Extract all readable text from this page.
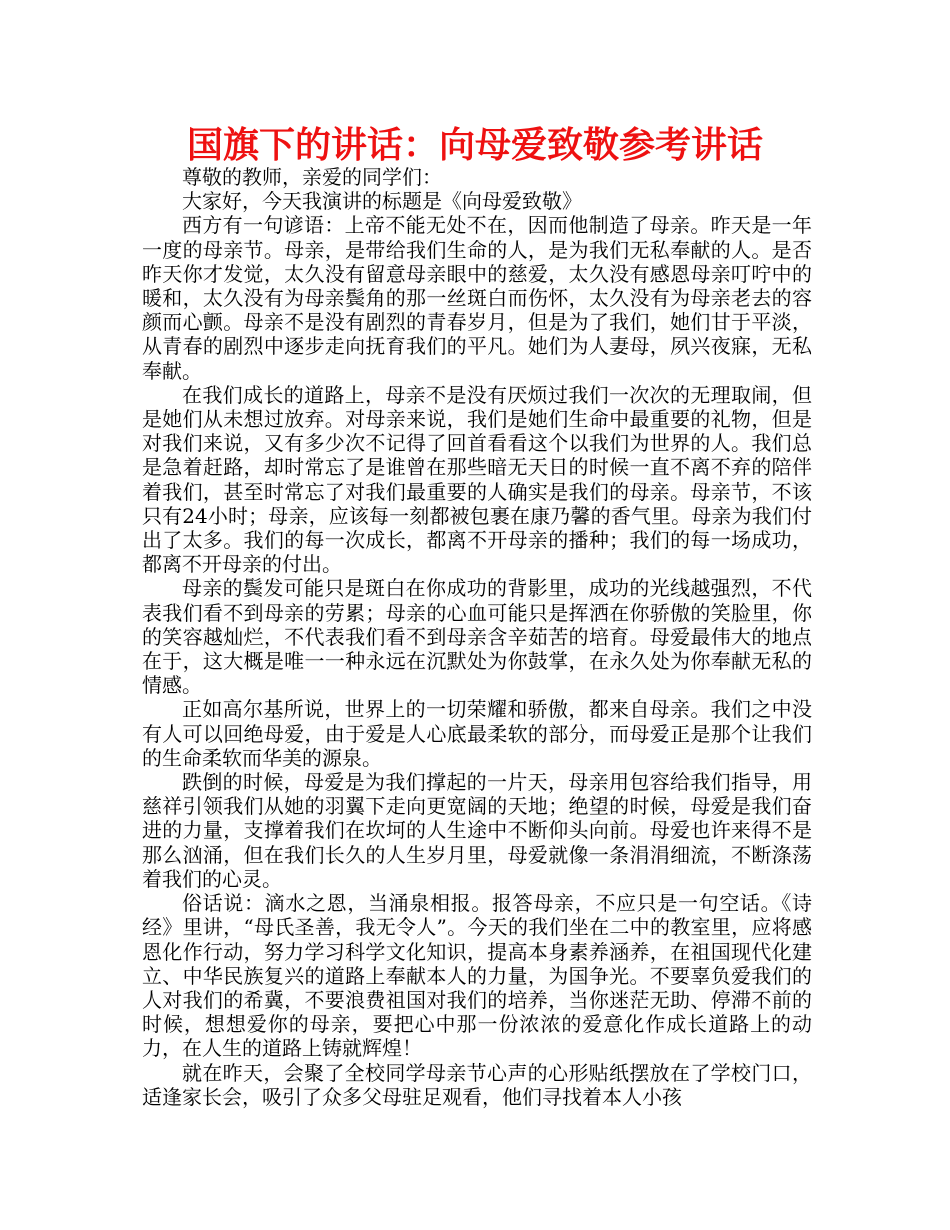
国旗下的讲话：向母爱致敬参考讲话

尊敬的教师，亲爱的同学们：

大家好，今天我演讲的标题是《向母爱致敬》

西方有一句谚语：上帝不能无处不在，因而他制造了母亲。昨天是一年一度的母亲节。母亲，是带给我们生命的人，是为我们无私奉献的人。是否昨天你才发觉，太久没有留意母亲眼中的慈爱，太久没有感恩母亲叮咛中的暖和，太久没有为母亲鬓角的那一丝斑白而伤怀，太久没有为母亲老去的容颜而心颤。母亲不是没有剧烈的青春岁月，但是为了我们，她们甘于平淡，从青春的剧烈中逐步走向抚育我们的平凡。她们为人妻母，夙兴夜寐，无私奉献。

在我们成长的道路上，母亲不是没有厌烦过我们一次次的无理取闹，但是她们从未想过放弃。对母亲来说，我们是她们生命中最重要的礼物，但是对我们来说，又有多少次不记得了回首看看这个以我们为世界的人。我们总是急着赶路，却时常忘了是谁曾在那些暗无天日的时候一直不离不弃的陪伴着我们，甚至时常忘了对我们最重要的人确实是我们的母亲。母亲节，不该只有24小时；母亲，应该每一刻都被包裹在康乃馨的香气里。母亲为我们付出了太多。我们的每一次成长，都离不开母亲的播种；我们的每一场成功，都离不开母亲的付出。

母亲的鬓发可能只是斑白在你成功的背影里，成功的光线越强烈，不代表我们看不到母亲的劳累；母亲的心血可能只是挥洒在你骄傲的笑脸里，你的笑容越灿烂，不代表我们看不到母亲含辛茹苦的培育。母爱最伟大的地点在于，这大概是唯一一种永远在沉默处为你鼓掌，在永久处为你奉献无私的情感。

正如高尔基所说，世界上的一切荣耀和骄傲，都来自母亲。我们之中没有人可以回绝母爱，由于爱是人心底最柔软的部分，而母爱正是那个让我们的生命柔软而华美的源泉。

跌倒的时候，母爱是为我们撑起的一片天，母亲用包容给我们指导，用慈祥引领我们从她的羽翼下走向更宽阔的天地；绝望的时候，母爱是我们奋进的力量，支撑着我们在坎坷的人生途中不断仰头向前。母爱也许来得不是那么汹涌，但在我们长久的人生岁月里，母爱就像一条涓涓细流，不断涤荡着我们的心灵。

俗话说：滴水之恩，当涌泉相报。报答母亲，不应只是一句空话。《诗经》里讲，“母氏圣善，我无令人”。今天的我们坐在二中的教室里，应将感恩化作行动，努力学习科学文化知识，提高本身素养涵养，在祖国现代化建立、中华民族复兴的道路上奉献本人的力量，为国争光。不要辜负爱我们的人对我们的希冀，不要浪费祖国对我们的培养，当你迷茫无助、停滞不前的时候，想想爱你的母亲，要把心中那一份浓浓的爱意化作成长道路上的动力，在人生的道路上铸就辉煌！

就在昨天，会聚了全校同学母亲节心声的心形贴纸摆放在了学校门口，适逢家长会，吸引了众多父母驻足观看，他们寻找着本人小孩
